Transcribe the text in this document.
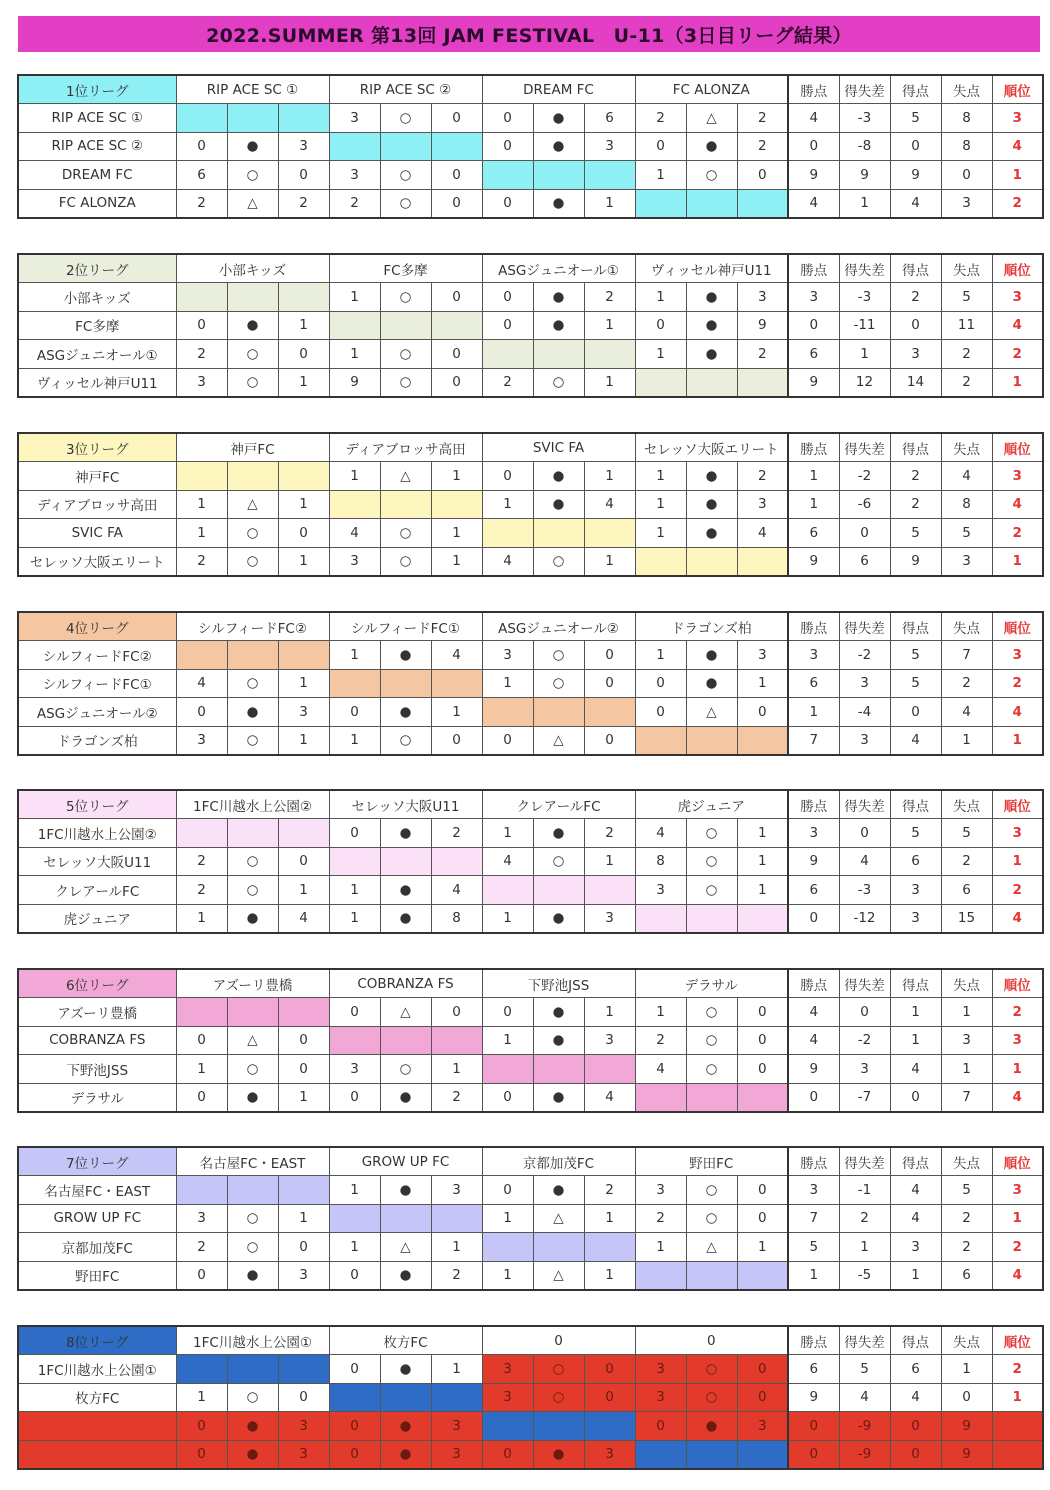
2022.SUMMER 第13回 JAM FESTIVAL　U-11（3日目リーグ結果）
1位リーグ	RIP ACE SC ①			RIP ACE SC ②			DREAM FC			FC ALONZA			勝点	得失差	得点	失点	順位
RIP ACE SC ①				3	○	0	0	●	6	2	△	2	4	-3	5	8	3
RIP ACE SC ②	0	●	3				0	●	3	0	●	2	0	-8	0	8	4
DREAM FC	6	○	0	3	○	0				1	○	0	9	9	9	0	1
FC ALONZA	2	△	2	2	○	0	0	●	1				4	1	4	3	2
2位リーグ	小部キッズ			FC多摩			ASGジュニオール①			ヴィッセル神戸U11			勝点	得失差	得点	失点	順位
小部キッズ				1	○	0	0	●	2	1	●	3	3	-3	2	5	3
FC多摩	0	●	1				0	●	1	0	●	9	0	-11	0	11	4
ASGジュニオール①	2	○	0	1	○	0				1	●	2	6	1	3	2	2
ヴィッセル神戸U11	3	○	1	9	○	0	2	○	1				9	12	14	2	1
3位リーグ	神戸FC			ディアブロッサ高田			SVIC FA			セレッソ大阪エリート			勝点	得失差	得点	失点	順位
神戸FC				1	△	1	0	●	1	1	●	2	1	-2	2	4	3
ディアブロッサ高田	1	△	1				1	●	4	1	●	3	1	-6	2	8	4
SVIC FA	1	○	0	4	○	1				1	●	4	6	0	5	5	2
セレッソ大阪エリート	2	○	1	3	○	1	4	○	1				9	6	9	3	1
4位リーグ	シルフィードFC②			シルフィードFC①			ASGジュニオール②			ドラゴンズ柏			勝点	得失差	得点	失点	順位
シルフィードFC②				1	●	4	3	○	0	1	●	3	3	-2	5	7	3
シルフィードFC①	4	○	1				1	○	0	0	●	1	6	3	5	2	2
ASGジュニオール②	0	●	3	0	●	1				0	△	0	1	-4	0	4	4
ドラゴンズ柏	3	○	1	1	○	0	0	△	0				7	3	4	1	1
5位リーグ	1FC川越水上公園②			セレッソ大阪U11			クレアールFC			虎ジュニア			勝点	得失差	得点	失点	順位
1FC川越水上公園②				0	●	2	1	●	2	4	○	1	3	0	5	5	3
セレッソ大阪U11	2	○	0				4	○	1	8	○	1	9	4	6	2	1
クレアールFC	2	○	1	1	●	4				3	○	1	6	-3	3	6	2
虎ジュニア	1	●	4	1	●	8	1	●	3				0	-12	3	15	4
6位リーグ	アズーリ豊橋			COBRANZA FS			下野池JSS			デラサル			勝点	得失差	得点	失点	順位
アズーリ豊橋				0	△	0	0	●	1	1	○	0	4	0	1	1	2
COBRANZA FS	0	△	0				1	●	3	2	○	0	4	-2	1	3	3
下野池JSS	1	○	0	3	○	1				4	○	0	9	3	4	1	1
デラサル	0	●	1	0	●	2	0	●	4				0	-7	0	7	4
7位リーグ	名古屋FC・EAST			GROW UP FC			京都加茂FC			野田FC			勝点	得失差	得点	失点	順位
名古屋FC・EAST				1	●	3	0	●	2	3	○	0	3	-1	4	5	3
GROW UP FC	3	○	1				1	△	1	2	○	0	7	2	4	2	1
京都加茂FC	2	○	0	1	△	1				1	△	1	5	1	3	2	2
野田FC	0	●	3	0	●	2	1	△	1				1	-5	1	6	4
8位リーグ	1FC川越水上公園①			枚方FC			0			0			勝点	得失差	得点	失点	順位
1FC川越水上公園①				0	●	1	3	○	0	3	○	0	6	5	6	1	2
枚方FC	1	○	0				3	○	0	3	○	0	9	4	4	0	1
	0	●	3	0	●	3				0	●	3	0	-9	0	9	
	0	●	3	0	●	3	0	●	3				0	-9	0	9	
